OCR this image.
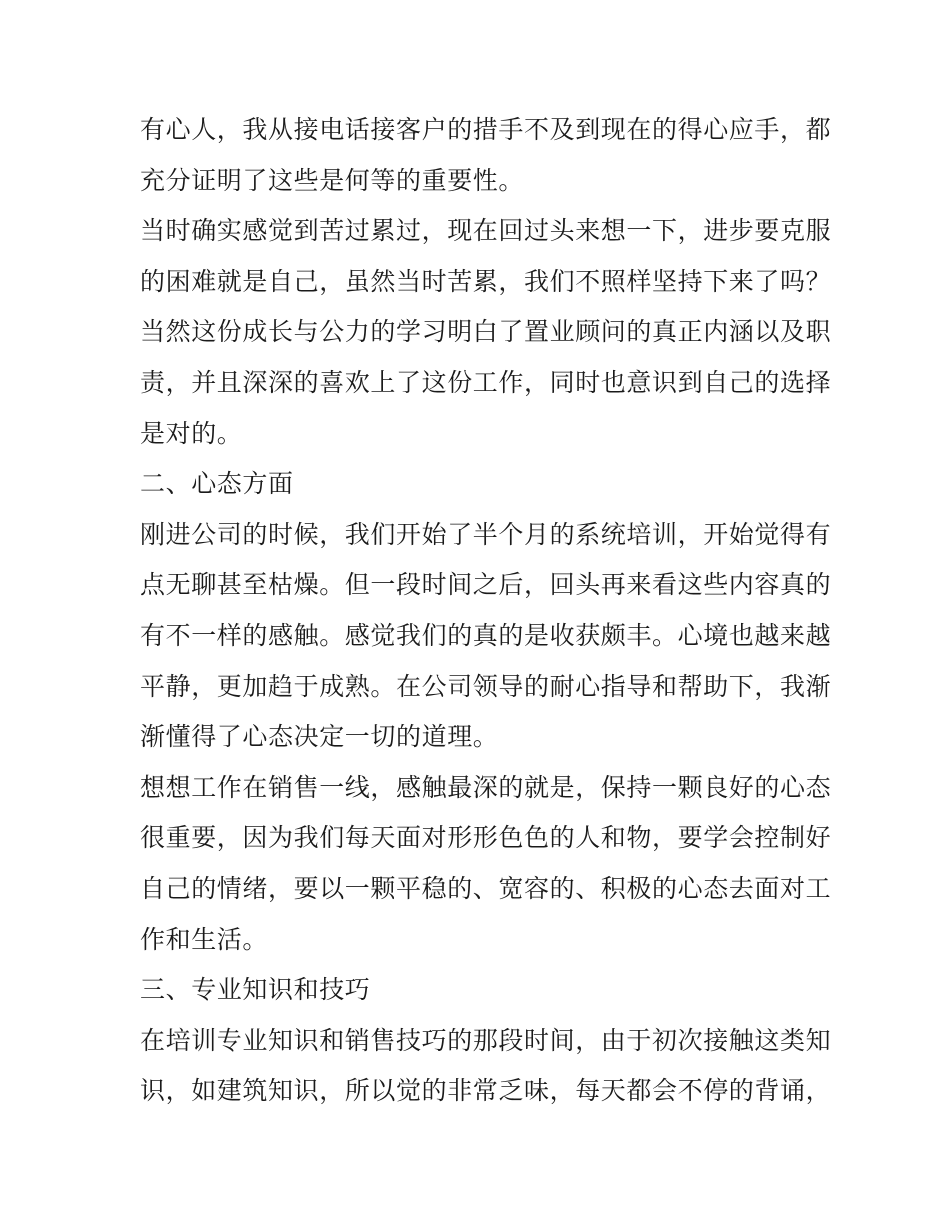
有心人，我从接电话接客户的措手不及到现在的得心应手，都
充分证明了这些是何等的重要性。
当时确实感觉到苦过累过，现在回过头来想一下，进步要克服
的困难就是自己，虽然当时苦累，我们不照样坚持下来了吗？
当然这份成长与公力的学习明白了置业顾问的真正内涵以及职
责，并且深深的喜欢上了这份工作，同时也意识到自己的选择
是对的。
二、心态方面
刚进公司的时候，我们开始了半个月的系统培训，开始觉得有
点无聊甚至枯燥。但一段时间之后，回头再来看这些内容真的
有不一样的感触。感觉我们的真的是收获颇丰。心境也越来越
平静，更加趋于成熟。在公司领导的耐心指导和帮助下，我渐
渐懂得了心态决定一切的道理。
想想工作在销售一线，感触最深的就是，保持一颗良好的心态
很重要，因为我们每天面对形形色色的人和物，要学会控制好
自己的情绪，要以一颗平稳的、宽容的、积极的心态去面对工
作和生活。
三、专业知识和技巧
在培训专业知识和销售技巧的那段时间，由于初次接触这类知
识，如建筑知识，所以觉的非常乏味，每天都会不停的背诵，
